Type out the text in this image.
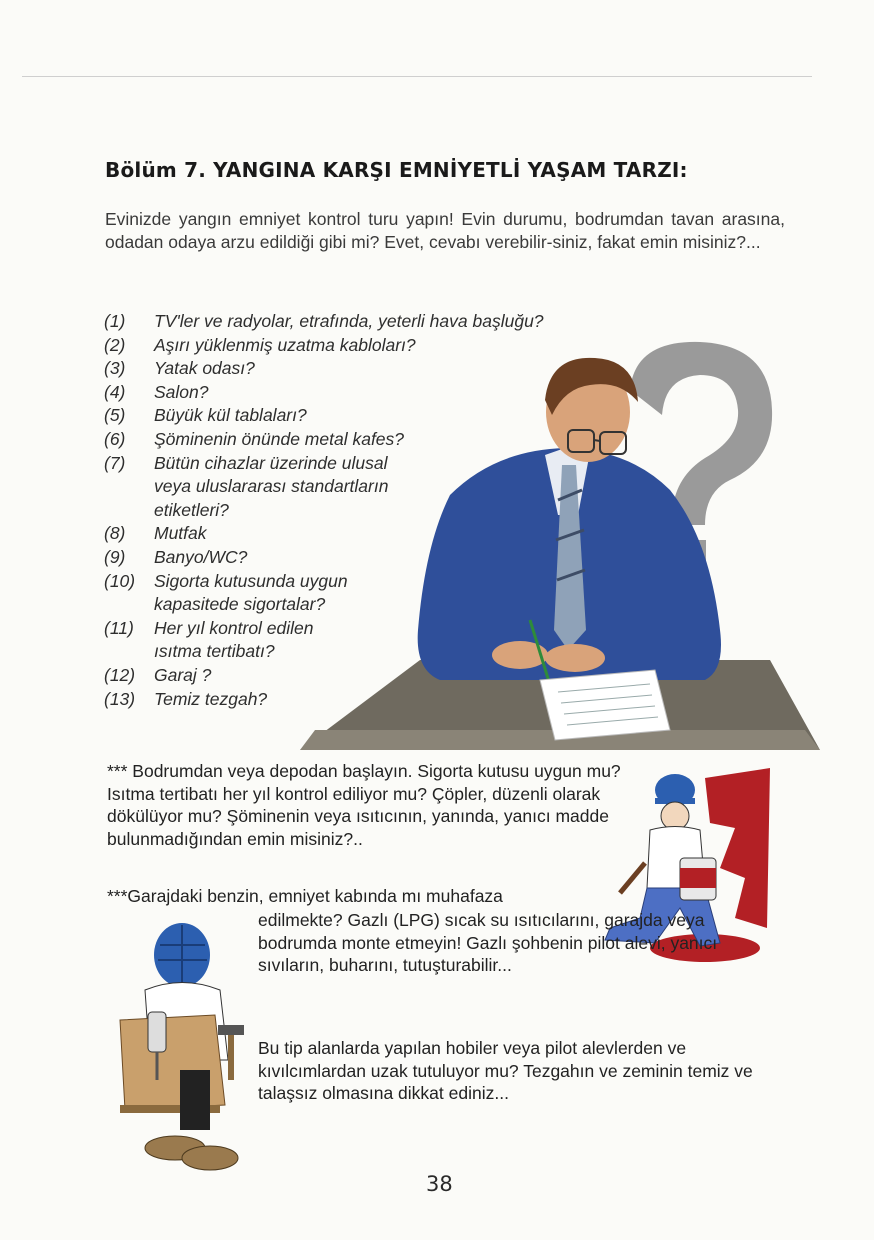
Bölüm 7. YANGINA KARŞI EMNİYETLİ YAŞAM TARZI:

Evinizde yangın emniyet kontrol turu yapın! Evin durumu, bodrumdan tavan arasına, odadan odaya arzu edildiği gibi mi? Evet, cevabı verebilir-siniz, fakat emin misiniz?...

(1)	TV'ler ve radyolar, etrafında, yeterli hava başluğu?
(2)	Aşırı yüklenmiş uzatma kabloları?
(3)	Yatak odası?
(4)	Salon?
(5)	Büyük kül tablaları?
(6)	Şöminenin önünde metal kafes?
(7)	Bütün cihazlar üzerinde ulusal veya uluslararası standartların etiketleri?
(8)	Mutfak
(9)	Banyo/WC?
(10)	Sigorta kutusunda uygun kapasitede sigortalar?
(11)	Her yıl kontrol edilen ısıtma tertibatı?
(12)	Garaj ?
(13)	Temiz tezgah?

*** Bodrumdan veya depodan başlayın. Sigorta kutusu uygun mu? Isıtma tertibatı her yıl kontrol ediliyor mu? Çöpler, düzenli olarak dökülüyor mu? Şöminenin veya ısıtıcının, yanında, yanıcı madde bulunmadığından emin misiniz?..

***Garajdaki benzin, emniyet kabında mı muhafaza

edilmekte? Gazlı (LPG) sıcak su ısıtıcılarını, garajda veya bodrumda monte etmeyin! Gazlı şohbenin pilot alevi, yanıcı sıvıların, buharını, tutuşturabilir...

Bu tip alanlarda yapılan hobiler veya pilot alevlerden ve kıvılcımlardan uzak tutuluyor mu? Tezgahın ve zeminin temiz ve talaşsız olmasına dikkat ediniz...

38
